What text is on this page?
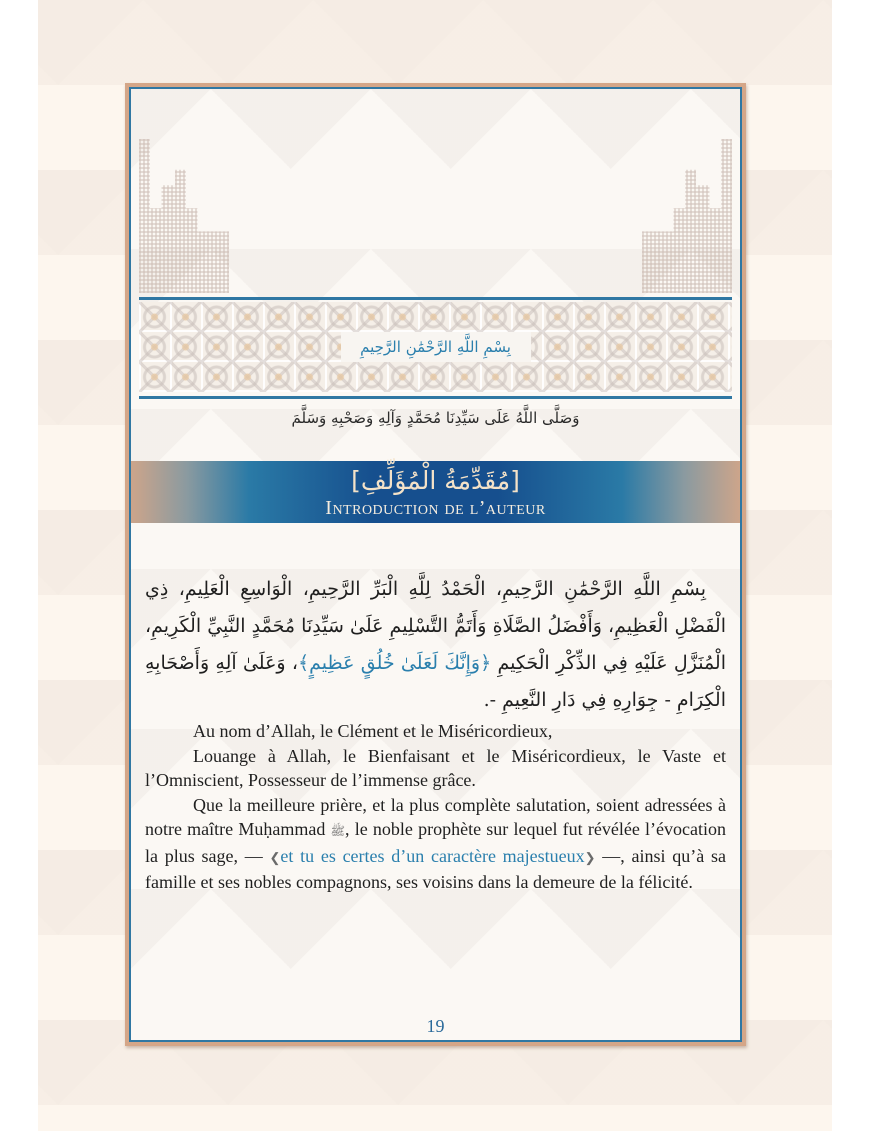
بِسْمِ اللَّهِ الرَّحْمَٰنِ الرَّحِيمِ
وَصَلَّى اللَّهُ عَلَى سَيِّدِنَا مُحَمَّدٍ وَآلِهِ وَصَحْبِهِ وَسَلَّمَ
[مُقَدِّمَةُ الْمُؤَلِّفِ]
Introduction de l’auteur

بِسْمِ اللَّهِ الرَّحْمَٰنِ الرَّحِيمِ، الْحَمْدُ لِلَّهِ الْبَرِّ الرَّحِيمِ، الْوَاسِعِ الْعَلِيمِ، ذِي الْفَضْلِ الْعَظِيمِ، وَأَفْضَلُ الصَّلَاةِ وَأَتَمُّ التَّسْلِيمِ عَلَىٰ سَيِّدِنَا مُحَمَّدٍ النَّبِيِّ الْكَرِيمِ، الْمُنَزَّلِ عَلَيْهِ فِي الذِّكْرِ الْحَكِيمِ ﴿وَإِنَّكَ لَعَلَىٰ خُلُقٍ عَظِيمٍ﴾، وَعَلَىٰ آلِهِ وَأَصْحَابِهِ الْكِرَامِ - جِوَارِهِ فِي دَارِ النَّعِيمِ -.

Au nom d’Allah, le Clément et le Miséricordieux,

Louange à Allah, le Bienfaisant et le Miséricordieux, le Vaste et l’Omniscient, Possesseur de l’immense grâce.

Que la meilleure prière, et la plus complète salutation, soient adressées à notre maître Muḥammad ﷺ, le noble prophète sur lequel fut révélée l’évocation la plus sage, — ❮et tu es certes d’un caractère majestueux❯ —, ainsi qu’à sa famille et ses nobles compagnons, ses voisins dans la demeure de la félicité.

19
